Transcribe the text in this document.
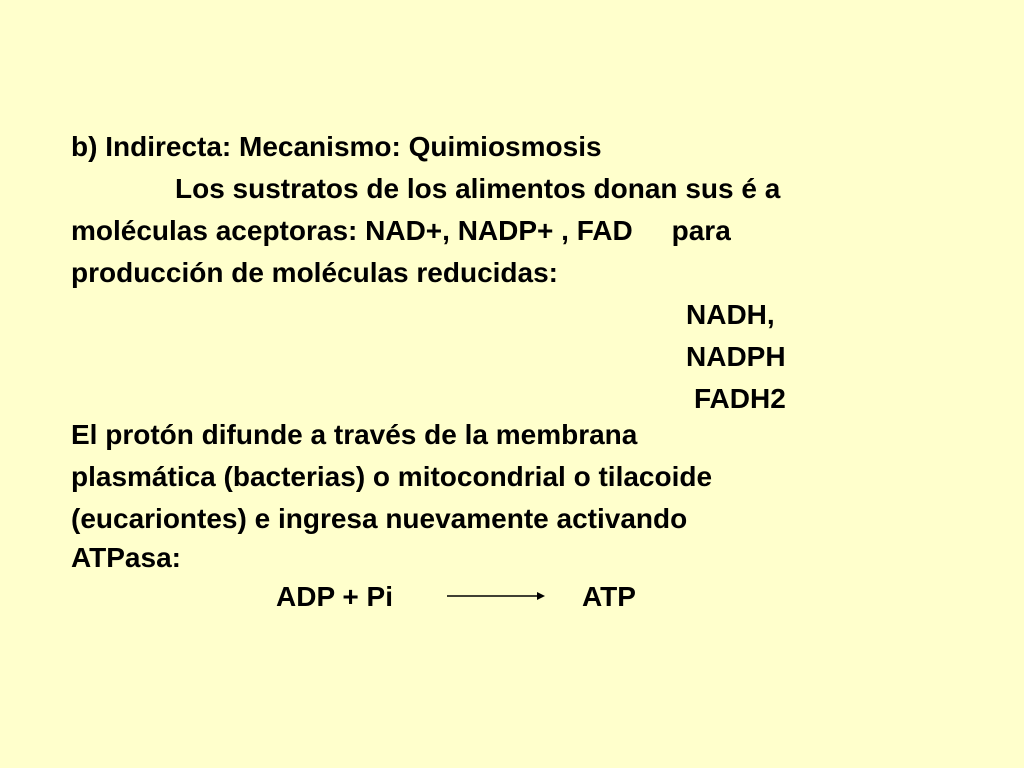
b) Indirecta: Mecanismo: Quimiosmosis

Los sustratos de los alimentos donan sus é a

moléculas aceptoras: NAD+, NADP+ , FAD     para

producción de moléculas reducidas:

NADH,

NADPH

FADH2

El protón difunde a través de la membrana

plasmática (bacterias) o mitocondrial o tilacoide

(eucariontes) e ingresa nuevamente activando

ATPasa:

ADP + Pi	ATP
